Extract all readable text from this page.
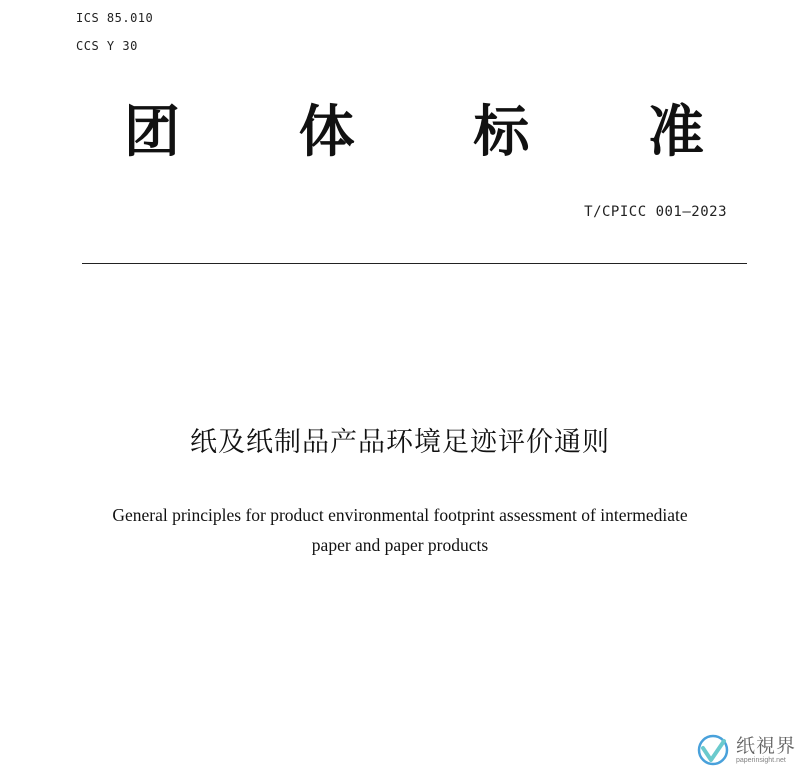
ICS 85.010
CCS Y 30
团 体 标 准
T/CPICC 001—2023
纸及纸制品产品环境足迹评价通则
General principles for product environmental footprint assessment of intermediate
paper and paper products
纸視界
paperinsight.net
